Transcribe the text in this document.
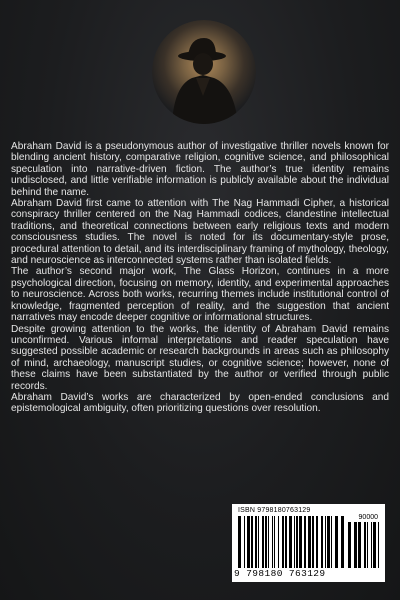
Abraham David is a pseudonymous author of investigative thriller novels known for blending ancient history, comparative religion, cognitive science, and philosophical speculation into narrative-driven fiction. The author’s true identity remains undisclosed, and little verifiable information is publicly available about the individual behind the name.

Abraham David first came to attention with The Nag Hammadi Cipher, a historical conspiracy thriller centered on the Nag Hammadi codices, clandestine intellectual traditions, and theoretical connections between early religious texts and modern consciousness studies. The novel is noted for its documentary-style prose, procedural attention to detail, and its interdisciplinary framing of mythology, theology, and neuroscience as interconnected systems rather than isolated fields.

The author’s second major work, The Glass Horizon, continues in a more psychological direction, focusing on memory, identity, and experimental approaches to neuroscience. Across both works, recurring themes include institutional control of knowledge, fragmented perception of reality, and the suggestion that ancient narratives may encode deeper cognitive or informational structures.

Despite growing attention to the works, the identity of Abraham David remains unconfirmed. Various informal interpretations and reader speculation have suggested possible academic or research backgrounds in areas such as philosophy of mind, archaeology, manuscript studies, or cognitive science; however, none of these claims have been substantiated by the author or verified through public records.

Abraham David’s works are characterized by open-ended conclusions and epistemological ambiguity, often prioritizing questions over resolution.

ISBN 9798180763129
90000
9 798180 763129
